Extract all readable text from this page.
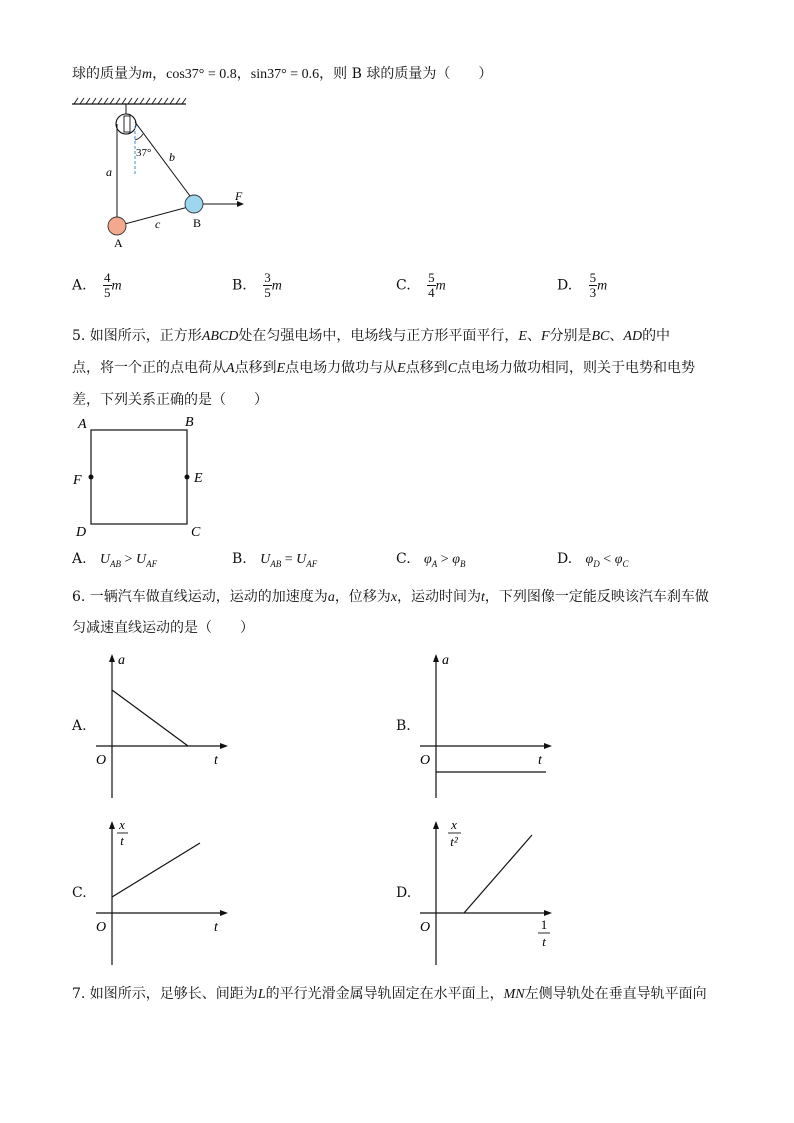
球的质量为m，cos37° = 0.8，sin37° = 0.6，则 B 球的质量为（　　）
37°
a
b
c
A
B
F
A. $\frac{4}{5}$ m	B. $\frac{3}{5}$ m	C. $\frac{5}{4}$ m	D. $\frac{5}{3}$ m
5. 如图所示，正方形ABCD处在匀强电场中，电场线与正方形平面平行，E、F分别是BC、AD的中
点，将一个正的点电荷从A点移到E点电场力做功与从E点移到C点电场力做功相同，则关于电势和电势
差，下列关系正确的是（　　）
A	B
C
D
E
F
A. $U_{AB} > U_{AF}$	B. $U_{AB} = U_{AF}$	C. $\varphi_A > \varphi_B$	D. $\varphi_D < \varphi_C$
6. 一辆汽车做直线运动，运动的加速度为a，位移为x，运动时间为t，下列图像一定能反映该汽车刹车做
匀减速直线运动的是（　　）
A.
a
t
O
B.
a
t
O
C.
x
t
t
O
D.
x
t²
1
t
O
7. 如图所示，足够长、间距为L的平行光滑金属导轨固定在水平面上，MN左侧导轨处在垂直导轨平面向
